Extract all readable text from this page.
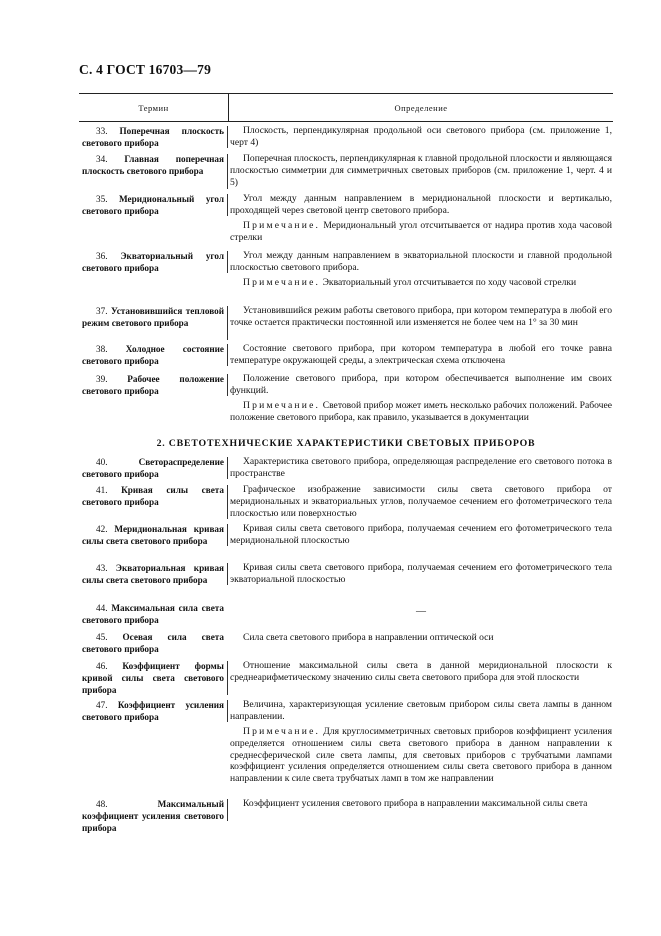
С. 4 ГОСТ 16703—79
Термин	Определение
33. Поперечная плоскость светового прибора
Плоскость, перпендикулярная продольной оси светового прибора (см. приложение 1, черт 4)
34. Главная поперечная плоскость светового прибора
Поперечная плоскость, перпендикулярная к главной продольной плоскости и являющаяся плоскостью симметрии для симметричных световых приборов (см. приложение 1, черт. 4 и 5)
35. Меридиональный угол светового прибора
Угол между данным направлением в меридиональной плоскости и вертикалью, проходящей через световой центр светового прибора.
Примечание. Меридиональный угол отсчитывается от надира против хода часовой стрелки
36. Экваториальный угол светового прибора
Угол между данным направлением в экваториальной плоскости и главной продольной плоскостью светового прибора.
Примечание. Экваториальный угол отсчитывается по ходу часовой стрелки
37. Установившийся тепловой режим светового прибора
Установившийся режим работы светового прибора, при котором температура в любой его точке остается практически постоянной или изменяется не более чем на 1° за 30 мин
38. Холодное состояние светового прибора
Состояние светового прибора, при котором температура в любой его точке равна температуре окружающей среды, а электрическая схема отключена
39. Рабочее положение светового прибора
Положение светового прибора, при котором обеспечивается выполнение им своих функций.
Примечание. Световой прибор может иметь несколько рабочих положений. Рабочее положение светового прибора, как правило, указывается в документации
2. СВЕТОТЕХНИЧЕСКИЕ ХАРАКТЕРИСТИКИ СВЕТОВЫХ ПРИБОРОВ
40.	Светораспределение светового прибора
Характеристика светового прибора, определяющая распределение его светового потока в пространстве
41. Кривая силы света светового прибора
Графическое изображение зависимости силы света светового прибора от меридиональных и экваториальных углов, получаемое сечением его фотометрического тела плоскостью или поверхностью
42. Меридиональная кривая силы света светового прибора
Кривая силы света светового прибора, получаемая сечением его фотометрического тела меридиональной плоскостью
43. Экваториальная кривая силы света светового прибора
Кривая силы света светового прибора, получаемая сечением его фотометрического тела экваториальной плоскостью
44. Максимальная сила света светового прибора
—
45. Осевая сила света светового прибора
Сила света светового прибора в направлении оптической оси
46. Коэффициент формы кривой силы света светового прибора
Отношение максимальной силы света в данной меридиональной плоскости к среднеарифметическому значению силы света светового прибора для этой плоскости
47. Коэффициент усиления светового прибора
Величина, характеризующая усиление световым прибором силы света лампы в данном направлении.
Примечание. Для круглосимметричных световых приборов коэффициент усиления определяется отношением силы света светового прибора в данном направлении к среднесферической силе света лампы, для световых приборов с трубчатыми лампами коэффициент усиления определяется отношением силы света светового прибора в данном направлении к силе света трубчатых ламп в том же направлении
48.	Максимальный коэффициент усиления светового прибора
Коэффициент усиления светового прибора в направлении максимальной силы света
